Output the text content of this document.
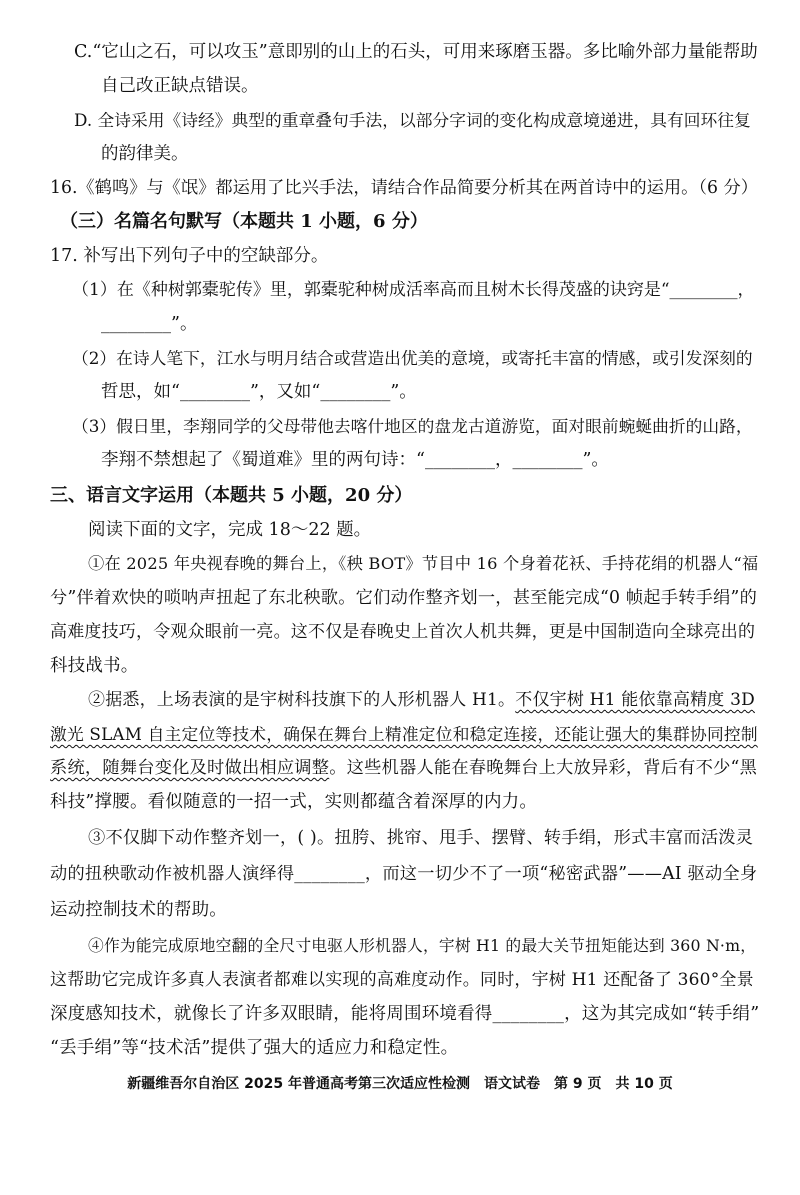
C.“它山之石，可以攻玉”意即别的山上的石头，可用来琢磨玉器。多比喻外部力量能帮助
自己改正缺点错误。
D. 全诗采用《诗经》典型的重章叠句手法，以部分字词的变化构成意境递进，具有回环往复
的韵律美。
16.《鹤鸣》与《氓》都运用了比兴手法，请结合作品简要分析其在两首诗中的运用。（6 分）
（三）名篇名句默写（本题共 1 小题，6 分）
17. 补写出下列句子中的空缺部分。
（1）在《种树郭橐驼传》里，郭橐驼种树成活率高而且树木长得茂盛的诀窍是“________，
________”。
（2）在诗人笔下，江水与明月结合或营造出优美的意境，或寄托丰富的情感，或引发深刻的
哲思，如“________”，又如“________”。
（3）假日里，李翔同学的父母带他去喀什地区的盘龙古道游览，面对眼前蜿蜒曲折的山路，
李翔不禁想起了《蜀道难》里的两句诗：“________，________”。
三、语言文字运用（本题共 5 小题，20 分）
阅读下面的文字，完成 18～22 题。
①在 2025 年央视春晚的舞台上，《秧 BOT》节目中 16 个身着花袄、手持花绢的机器人“福
兮”伴着欢快的唢呐声扭起了东北秧歌。它们动作整齐划一，甚至能完成“0 帧起手转手绢”的
高难度技巧，令观众眼前一亮。这不仅是春晚史上首次人机共舞，更是中国制造向全球亮出的
科技战书。
②据悉，上场表演的是宇树科技旗下的人形机器人 H1。不仅宇树 H1 能依靠高精度 3D
激光 SLAM 自主定位等技术，确保在舞台上精准定位和稳定连接，还能让强大的集群协同控制
系统，随舞台变化及时做出相应调整。这些机器人能在春晚舞台上大放异彩，背后有不少“黑
科技”撑腰。看似随意的一招一式，实则都蕴含着深厚的内力。
③不仅脚下动作整齐划一，( )。扭胯、挑帘、甩手、摆臂、转手绢，形式丰富而活泼灵
动的扭秧歌动作被机器人演绎得________，而这一切少不了一项“秘密武器”——AI 驱动全身
运动控制技术的帮助。
④作为能完成原地空翻的全尺寸电驱人形机器人，宇树 H1 的最大关节扭矩能达到 360 N·m，
这帮助它完成许多真人表演者都难以实现的高难度动作。同时，宇树 H1 还配备了 360°全景
深度感知技术，就像长了许多双眼睛，能将周围环境看得________，这为其完成如“转手绢”
“丢手绢”等“技术活”提供了强大的适应力和稳定性。
新疆维吾尔自治区 2025 年普通高考第三次适应性检测　语文试卷　第 9 页　共 10 页
